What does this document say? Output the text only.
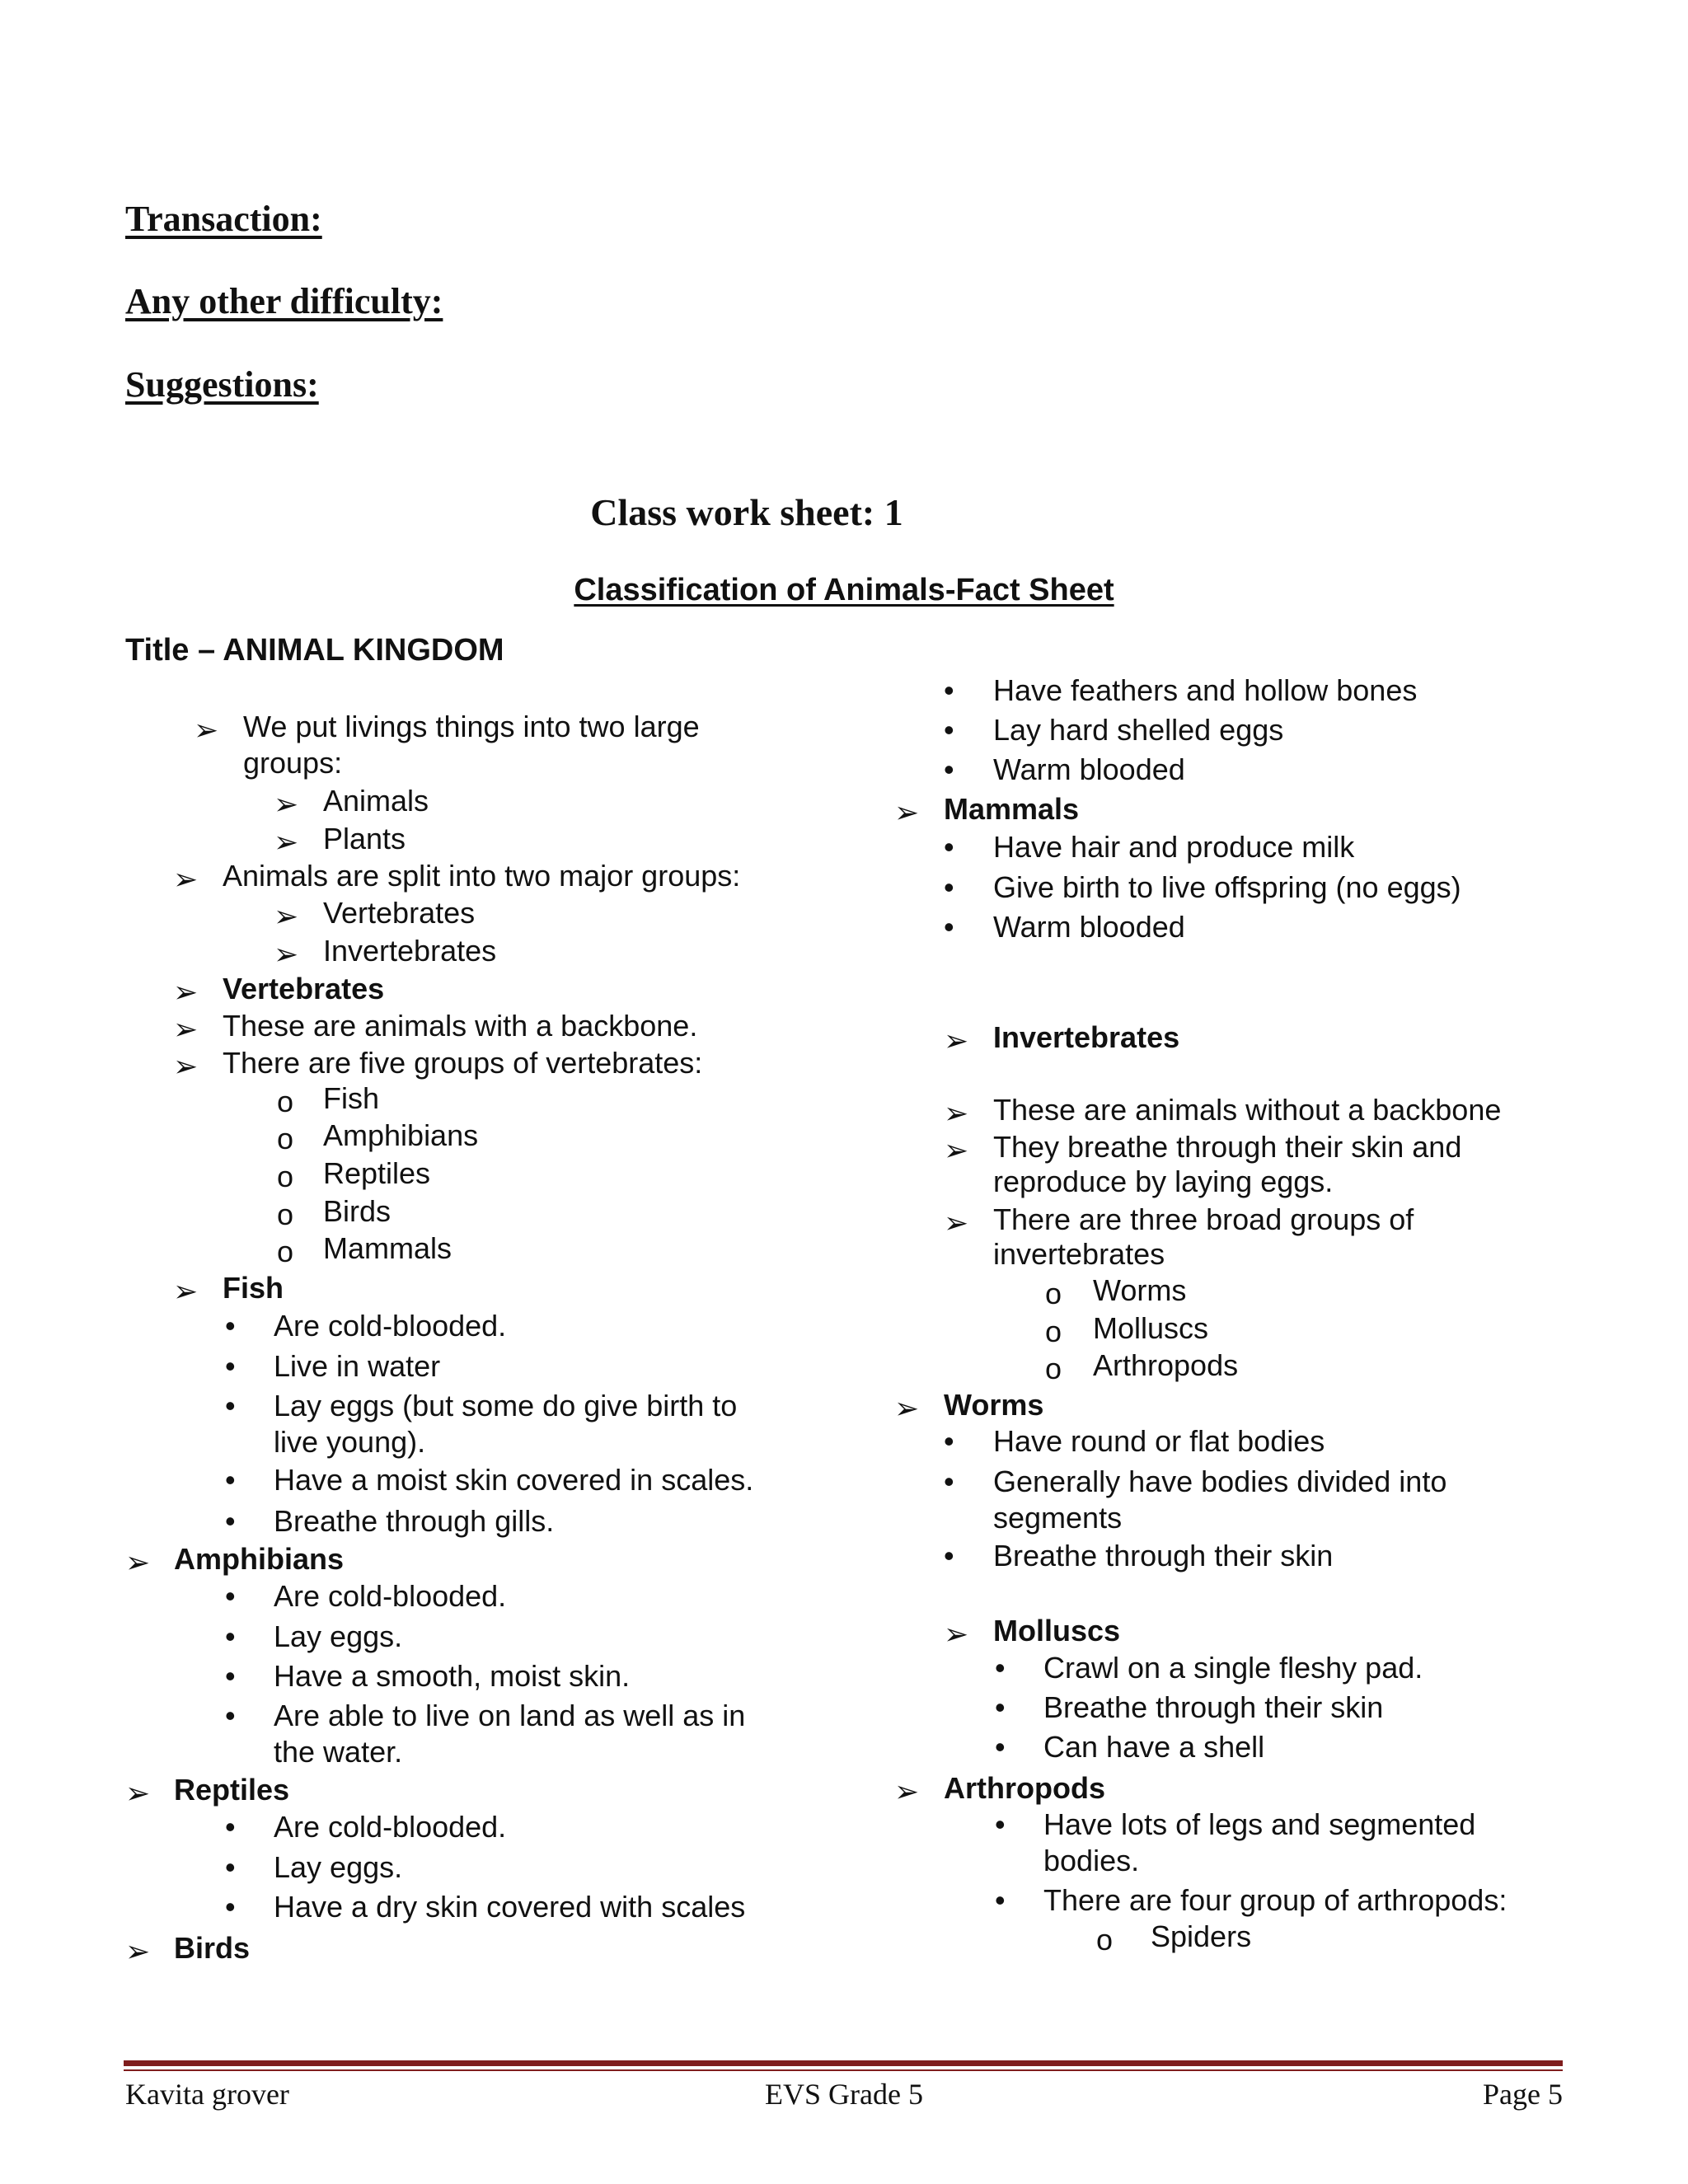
Transaction:
Any other difficulty:
Suggestions:
Class work sheet: 1
Classification of Animals-Fact Sheet
Title – ANIMAL KINGDOM
➢ We put livings things into two large
groups:
➢ Animals
➢ Plants
➢ Animals are split into two major groups:
➢ Vertebrates
➢ Invertebrates
➢ Vertebrates
➢ These are animals with a backbone.
➢ There are five groups of vertebrates:
o Fish
o Amphibians
o Reptiles
o Birds
o Mammals
➢ Fish
• Are cold-blooded.
• Live in water
• Lay eggs (but some do give birth to
live young).
• Have a moist skin covered in scales.
• Breathe through gills.
➢ Amphibians
• Are cold-blooded.
• Lay eggs.
• Have a smooth, moist skin.
• Are able to live on land as well as in
the water.
➢ Reptiles
• Are cold-blooded.
• Lay eggs.
• Have a dry skin covered with scales
➢ Birds
• Have feathers and hollow bones
• Lay hard shelled eggs
• Warm blooded
➢ Mammals
• Have hair and produce milk
• Give birth to live offspring (no eggs)
• Warm blooded
➢ Invertebrates
➢ These are animals without a backbone
➢ They breathe through their skin and
reproduce by laying eggs.
➢ There are three broad groups of
invertebrates
o Worms
o Molluscs
o Arthropods
➢ Worms
• Have round or flat bodies
• Generally have bodies divided into
segments
• Breathe through their skin
➢ Molluscs
• Crawl on a single fleshy pad.
• Breathe through their skin
• Can have a shell
➢ Arthropods
• Have lots of legs and segmented
bodies.
• There are four group of arthropods:
o Spiders
Kavita grover	EVS Grade 5	Page 5
